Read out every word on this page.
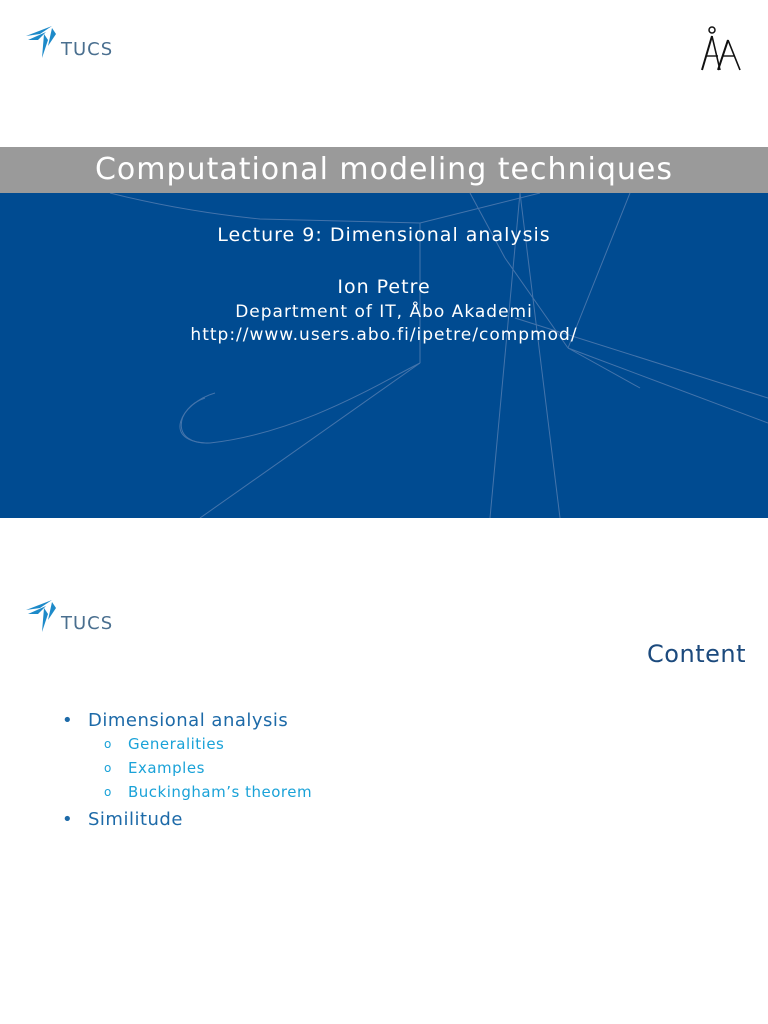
TUCS
Computational modeling techniques
Lecture 9: Dimensional analysis
Ion Petre
Department of IT, Åbo Akademi
http://www.users.abo.fi/ipetre/compmod/
TUCS
Content
• Dimensional analysis
o	Generalities
o	Examples
o	Buckingham’s theorem
• Similitude
